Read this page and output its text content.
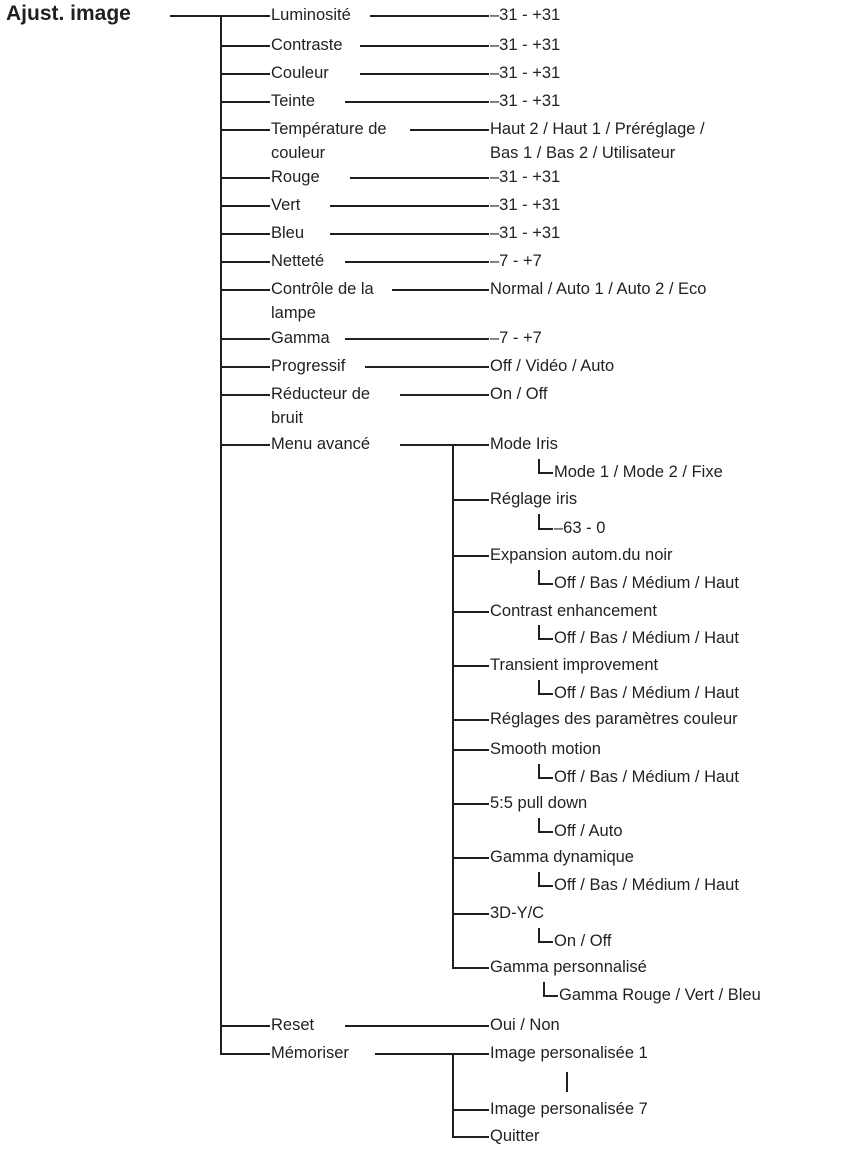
Ajust. image	Luminosité
Contraste
Couleur
Teinte
Température de
couleur
Rouge
Vert
Bleu
Netteté
Contrôle de la
lampe
Gamma
Progressif
Réducteur de
bruit
Menu avancé
Reset
Mémoriser
–31 - +31
–31 - +31
–31 - +31
–31 - +31
Haut 2 / Haut 1 / Préréglage /
Bas 1 / Bas 2 / Utilisateur
–31 - +31
–31 - +31
–31 - +31
–7 - +7
Normal / Auto 1 / Auto 2 / Eco
–7 - +7
Off / Vidéo / Auto
On / Off
Oui / Non
Mode Iris
Mode 1 / Mode 2 / Fixe
Réglage iris
–63 - 0
Expansion autom.du noir
Off / Bas / Médium / Haut
Contrast enhancement
Off / Bas / Médium / Haut
Transient improvement
Off / Bas / Médium / Haut
Réglages des paramètres couleur
Smooth motion
Off / Bas / Médium / Haut
5:5 pull down
Off / Auto
Gamma dynamique
Off / Bas / Médium / Haut
3D-Y/C
On / Off
Gamma personnalisé
Gamma Rouge / Vert / Bleu
Image personalisée 1
Image personalisée 7
Quitter
